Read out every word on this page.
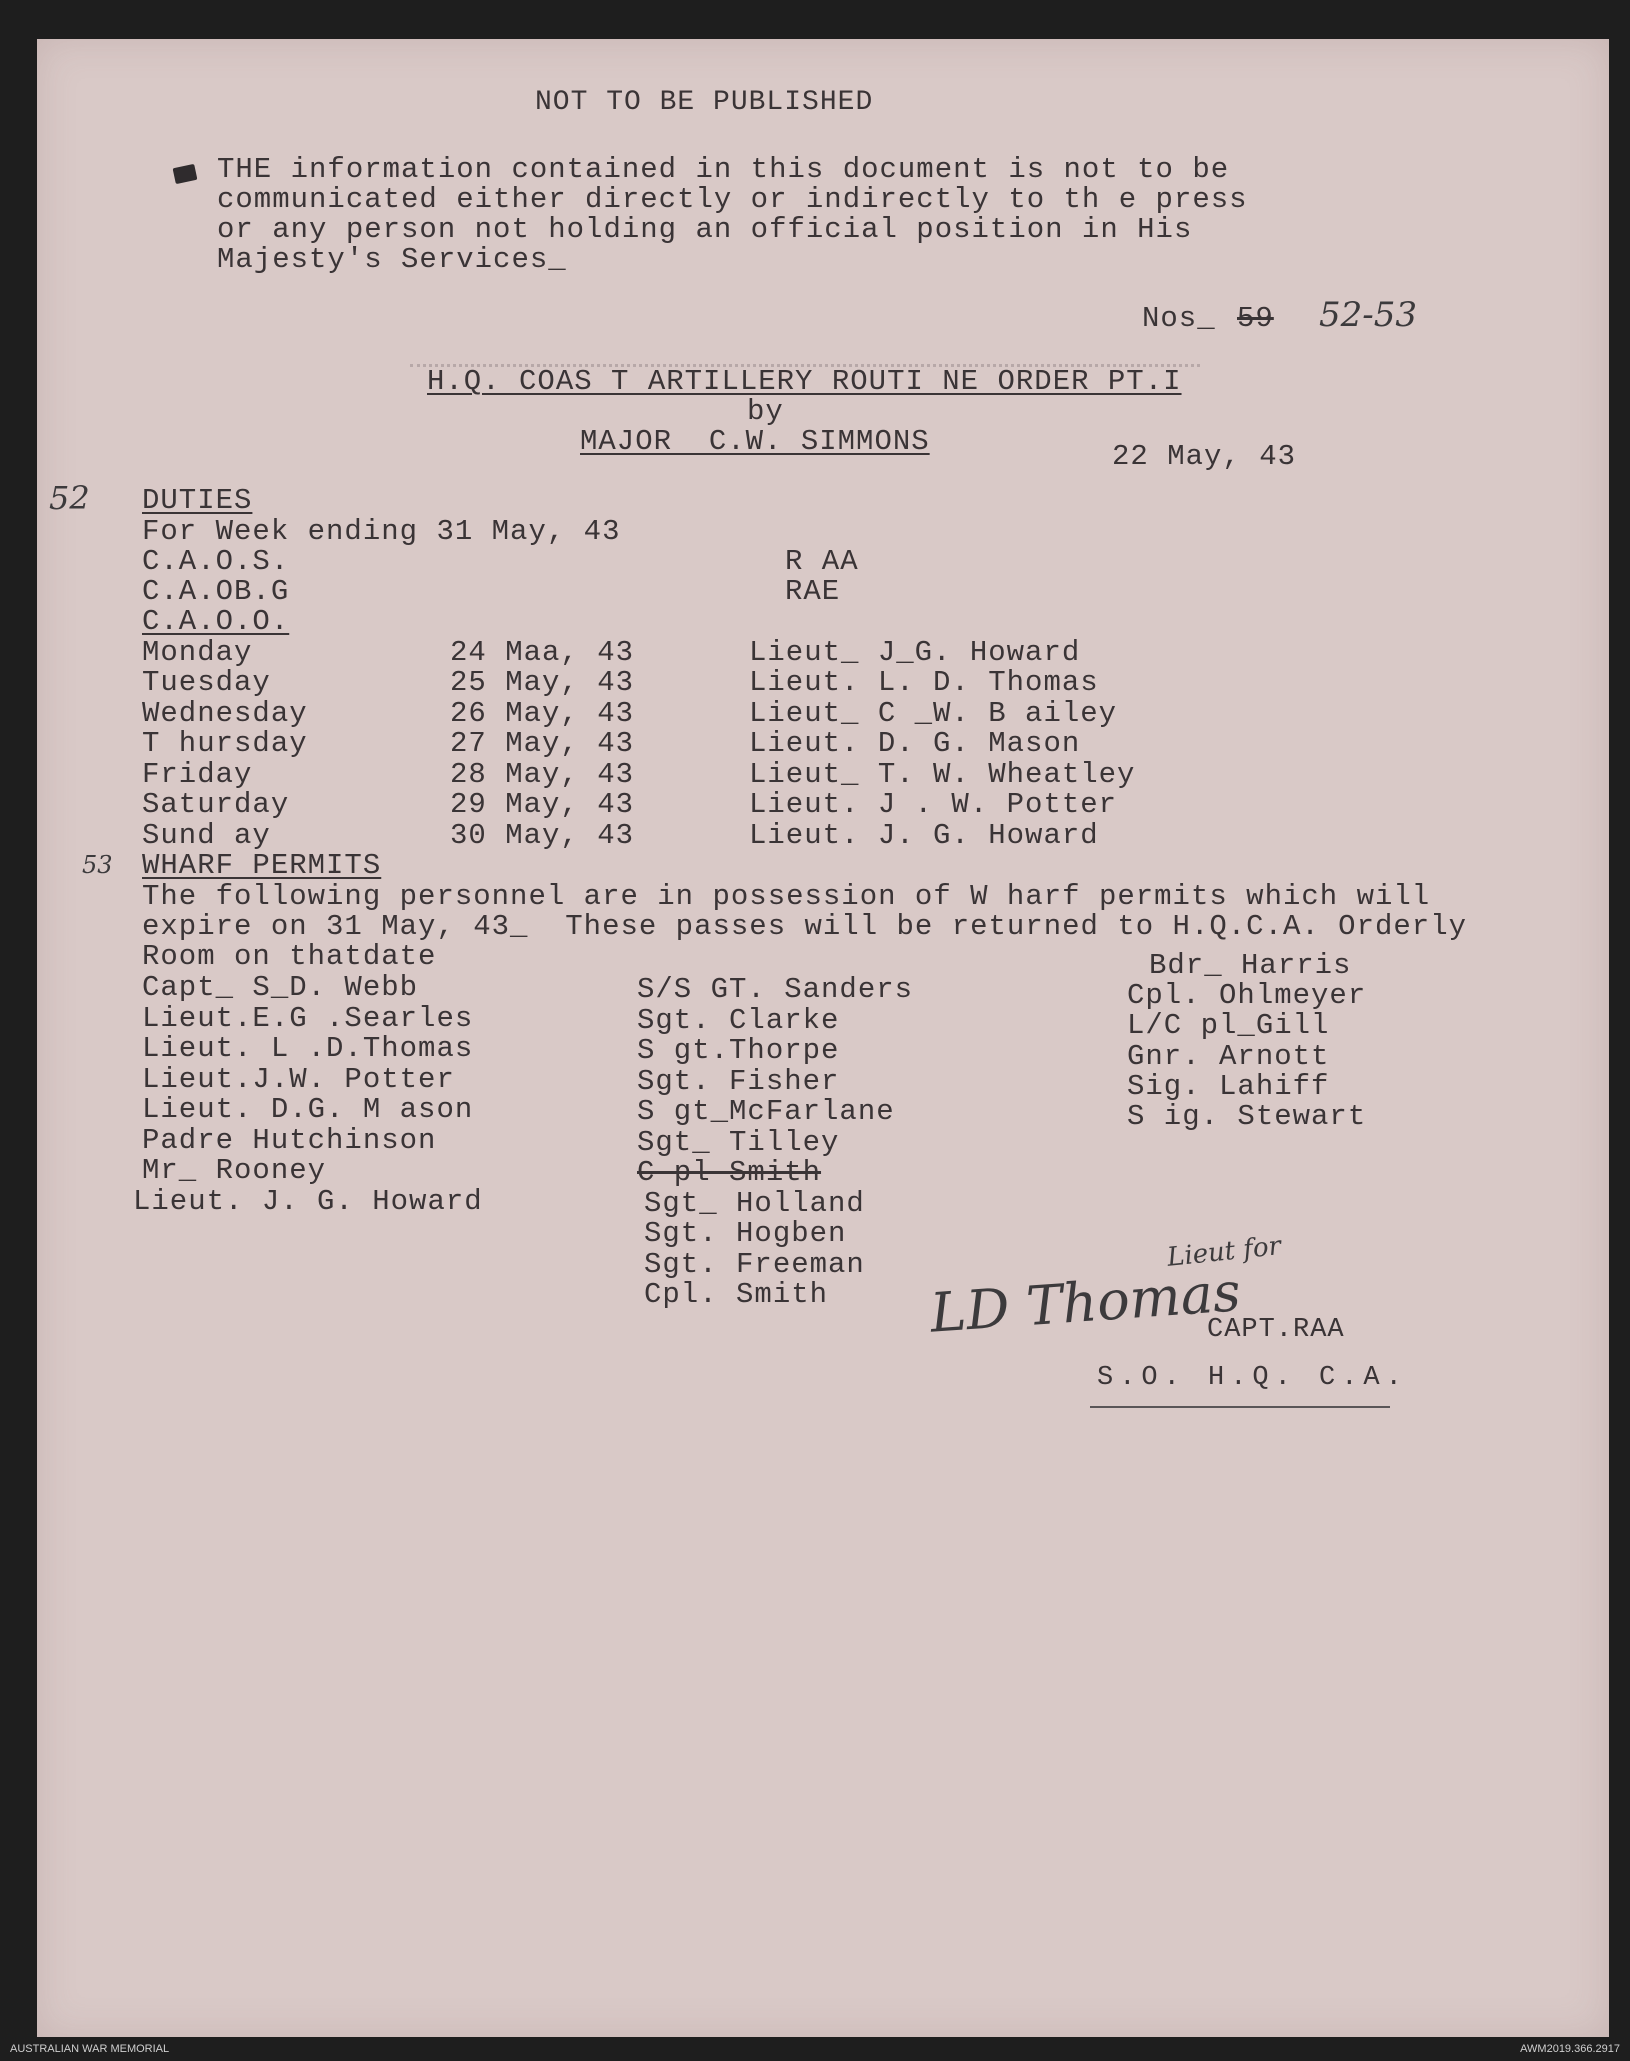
NOT TO BE PUBLISHED
THE information contained in this document is not to be
communicated either directly or indirectly to th e press
or any person not holding an official position in His
Majesty's Services_
Nos_ 59 52-53
H.Q. COAS T ARTILLERY ROUTI NE ORDER PT.I
by
MAJOR  C.W. SIMMONS	22 May, 43
52 DUTIES
For Week ending 31 May, 43
C.A.O.S.	R AA
C.A.OB.G	RAE
C.A.O.O.
Monday	24 Maa, 43	Lieut_ J_G. Howard
Tuesday	25 May, 43	Lieut. L. D. Thomas
Wednesday	26 May, 43	Lieut_ C _W. B ailey
T hursday	27 May, 43	Lieut. D. G. Mason
Friday	28 May, 43	Lieut_ T. W. Wheatley
Saturday	29 May, 43	Lieut. J . W. Potter
Sund ay	30 May, 43	Lieut. J. G. Howard
53 WHARF PERMITS
The following personnel are in possession of W harf permits which will
expire on 31 May, 43_  These passes will be returned to H.Q.C.A. Orderly
Room on thatdate
Capt_ S_D. Webb
Lieut.E.G .Searles
Lieut. L .D.Thomas
Lieut.J.W. Potter
Lieut. D.G. M ason
Padre Hutchinson
Mr_ Rooney
Lieut. J. G. Howard
S/S GT. Sanders
Sgt. Clarke
S gt.Thorpe
Sgt. Fisher
S gt_McFarlane
Sgt_ Tilley
C pl Smith
Sgt_ Holland
Sgt. Hogben
Sgt. Freeman
Cpl. Smith
Bdr_ Harris
Cpl. Ohlmeyer
L/C pl_Gill
Gnr. Arnott
Sig. Lahiff
S ig. Stewart
Lieut for
LD Thomas
CAPT.RAA
S.O. H.Q. C.A.
AUSTRALIAN WAR MEMORIAL	AWM2019.366.2917
